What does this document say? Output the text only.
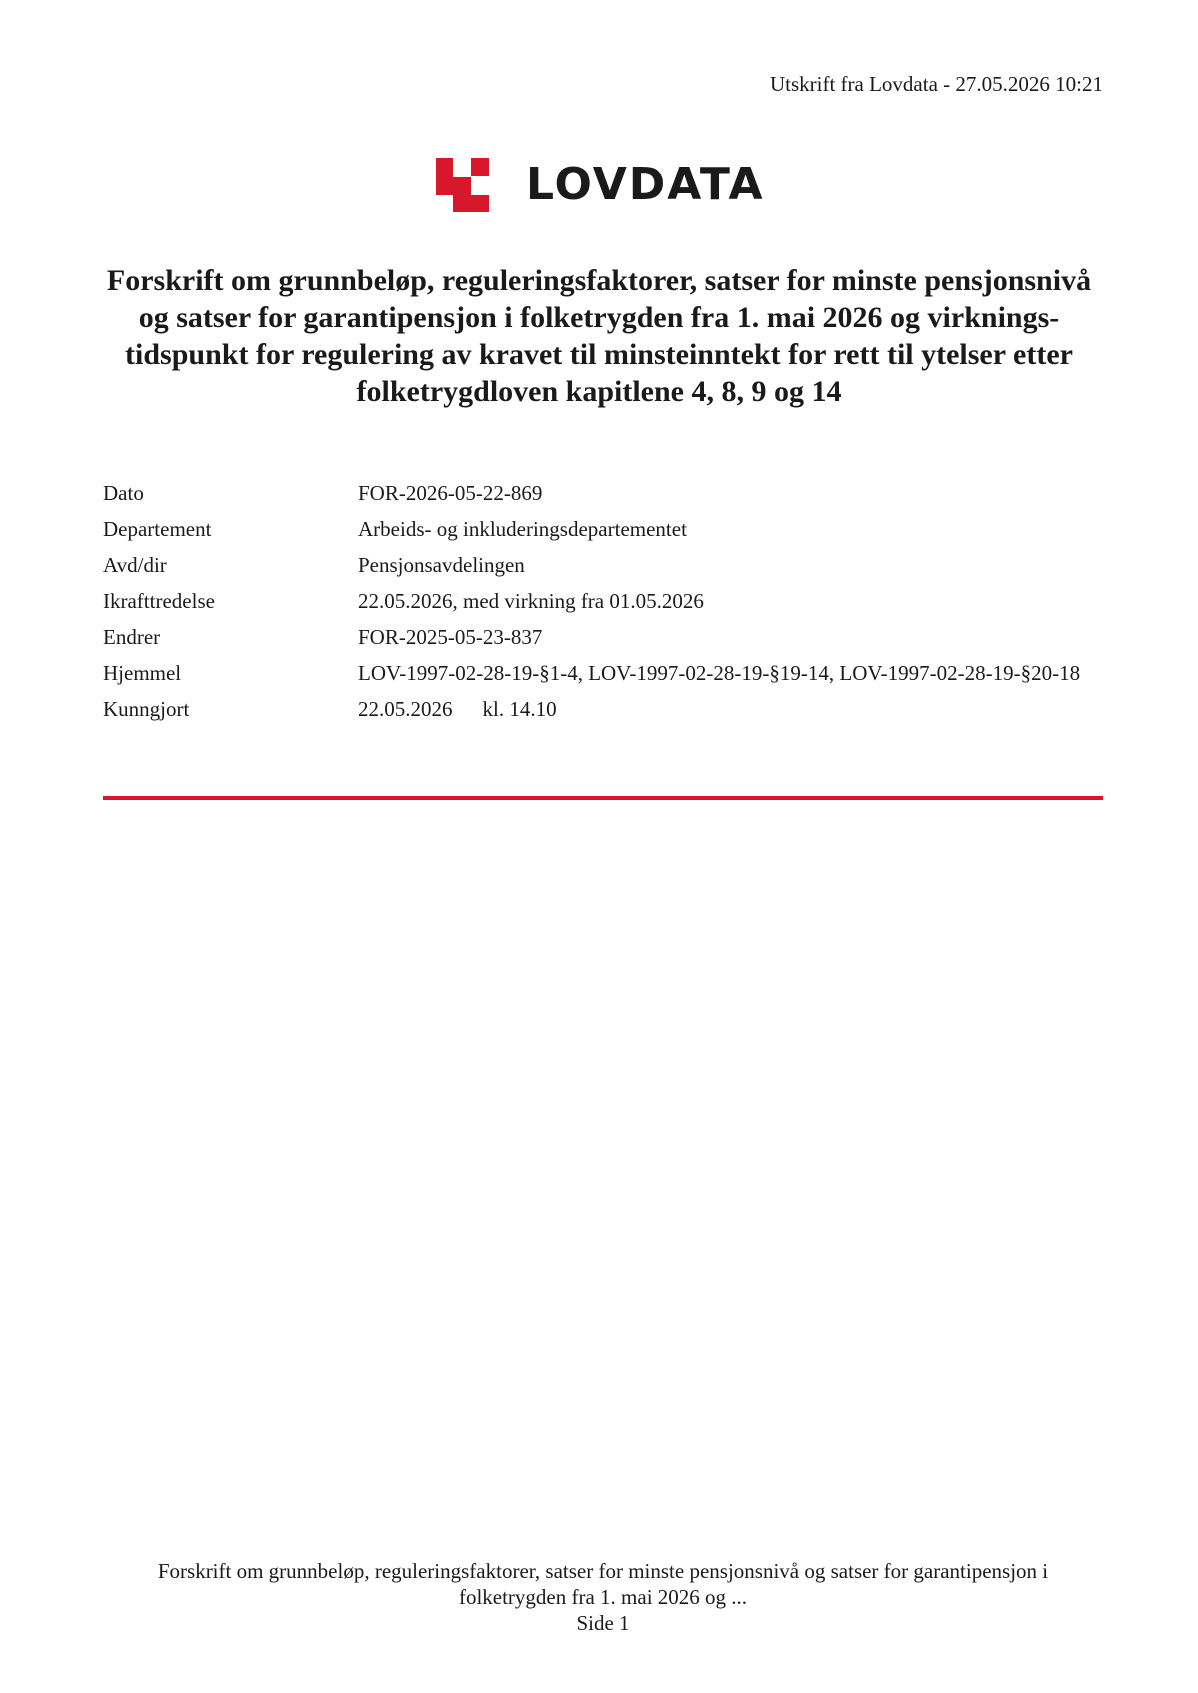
Utskrift fra Lovdata - 27.05.2026 10:21
LOVDATA
Forskrift om grunnbeløp, reguleringsfaktorer, satser for minste pensjonsnivå og satser for garantipensjon i folketrygden fra 1. mai 2026 og virknings-tidspunkt for regulering av kravet til minsteinntekt for rett til ytelser etter folketrygdloven kapitlene 4, 8, 9 og 14
Dato	FOR-2026-05-22-869
Departement	Arbeids- og inkluderingsdepartementet
Avd/dir	Pensjonsavdelingen
Ikrafttredelse	22.05.2026, med virkning fra 01.05.2026
Endrer	FOR-2025-05-23-837
Hjemmel	LOV-1997-02-28-19-§1-4, LOV-1997-02-28-19-§19-14, LOV-1997-02-28-19-§20-18
Kunngjort	22.05.2026 kl. 14.10
Forskrift om grunnbeløp, reguleringsfaktorer, satser for minste pensjonsnivå og satser for garantipensjon i folketrygden fra 1. mai 2026 og ...
Side 1
